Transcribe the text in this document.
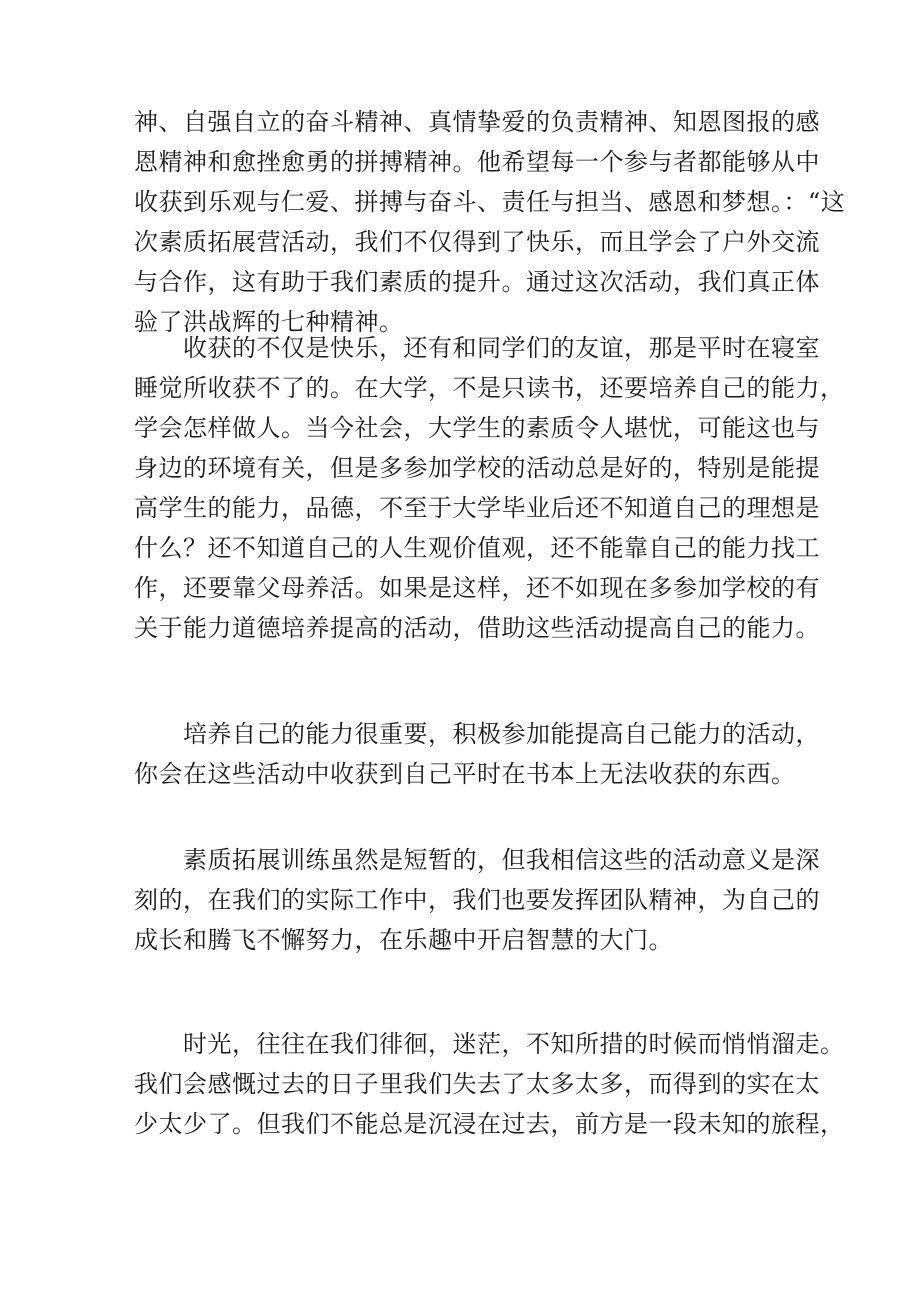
神、自强自立的奋斗精神、真情挚爱的负责精神、知恩图报的感
恩精神和愈挫愈勇的拼搏精神。他希望每一个参与者都能够从中
收获到乐观与仁爱、拼搏与奋斗、责任与担当、感恩和梦想。：“这
次素质拓展营活动，我们不仅得到了快乐，而且学会了户外交流
与合作，这有助于我们素质的提升。通过这次活动，我们真正体
验了洪战辉的七种精神。
　　收获的不仅是快乐，还有和同学们的友谊，那是平时在寝室
睡觉所收获不了的。在大学，不是只读书，还要培养自己的能力，
学会怎样做人。当今社会，大学生的素质令人堪忧，可能这也与
身边的环境有关，但是多参加学校的活动总是好的，特别是能提
高学生的能力，品德，不至于大学毕业后还不知道自己的理想是
什么？还不知道自己的人生观价值观，还不能靠自己的能力找工
作，还要靠父母养活。如果是这样，还不如现在多参加学校的有
关于能力道德培养提高的活动，借助这些活动提高自己的能力。
　　培养自己的能力很重要，积极参加能提高自己能力的活动，
你会在这些活动中收获到自己平时在书本上无法收获的东西。
　　素质拓展训练虽然是短暂的，但我相信这些的活动意义是深
刻的，在我们的实际工作中，我们也要发挥团队精神，为自己的
成长和腾飞不懈努力，在乐趣中开启智慧的大门。
　　时光，往往在我们徘徊，迷茫，不知所措的时候而悄悄溜走。
我们会感慨过去的日子里我们失去了太多太多，而得到的实在太
少太少了。但我们不能总是沉浸在过去，前方是一段未知的旅程，
